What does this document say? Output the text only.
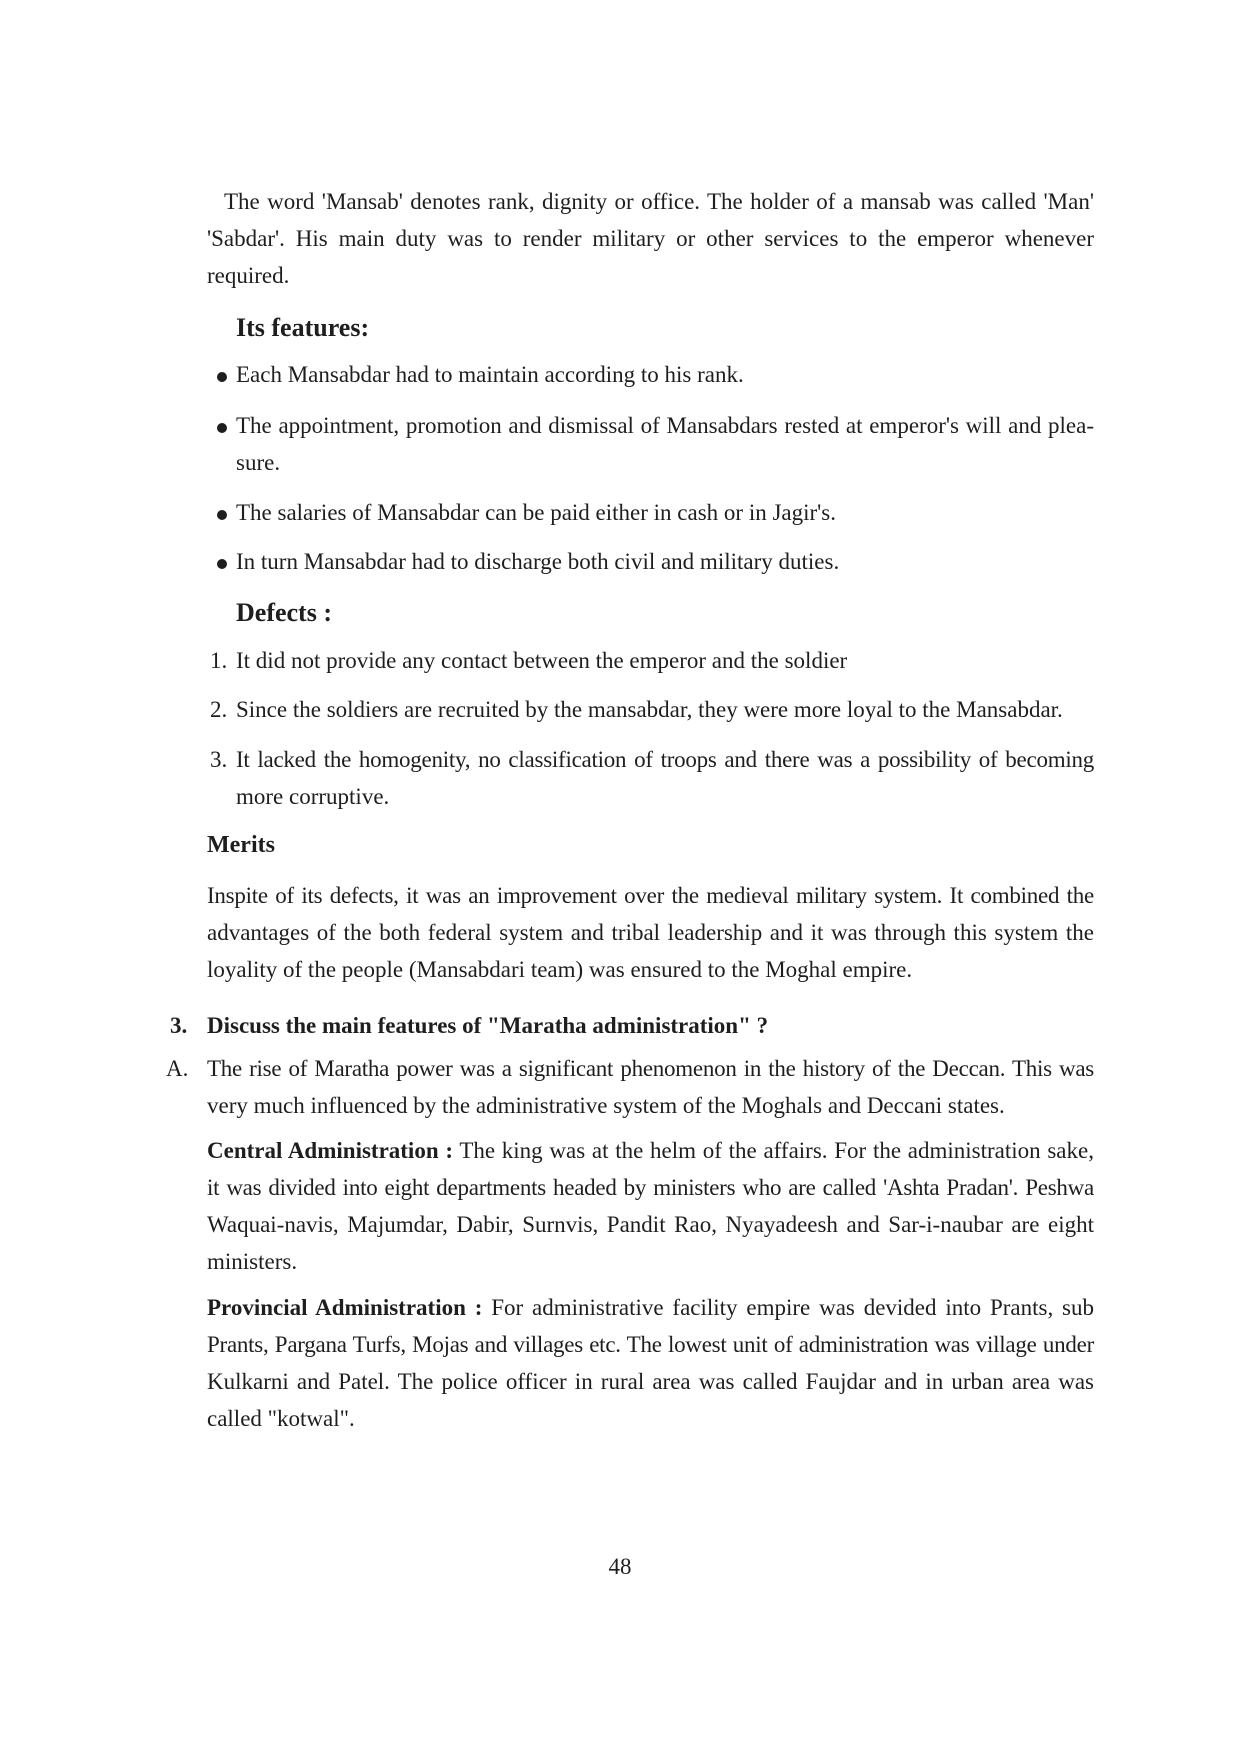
The word 'Mansab' denotes rank, dignity or office. The holder of a mansab was called 'Man'
'Sabdar'. His main duty was to render military or other services to the emperor whenever
required.
Its features:
Each Mansabdar had to maintain according to his rank.
The appointment, promotion and dismissal of Mansabdars rested at emperor's will and plea-
sure.
The salaries of Mansabdar can be paid either in cash or in Jagir's.
In turn Mansabdar had to discharge both civil and military duties.
Defects :
1. It did not provide any contact between the emperor and the soldier
2. Since the soldiers are recruited by the mansabdar, they were more loyal to the Mansabdar.
3. It lacked the homogenity, no classification of troops and there was a possibility of becoming
more corruptive.
Merits
Inspite of its defects, it was an improvement over the medieval military system. It combined the
advantages of the both federal system and tribal leadership and it was through this system the
loyality of the people (Mansabdari team) was ensured to the Moghal empire.
3. Discuss the main features of "Maratha administration" ?
A. The rise of Maratha power was a significant phenomenon in the history of the Deccan. This was
very much influenced by the administrative system of the Moghals and Deccani states.
Central Administration : The king was at the helm of the affairs. For the administration sake,
it was divided into eight departments headed by ministers who are called 'Ashta Pradan'. Peshwa
Waquai-navis, Majumdar, Dabir, Surnvis, Pandit Rao, Nyayadeesh and Sar-i-naubar are eight
ministers.
Provincial Administration : For administrative facility empire was devided into Prants, sub
Prants, Pargana Turfs, Mojas and villages etc. The lowest unit of administration was village under
Kulkarni and Patel. The police officer in rural area was called Faujdar and in urban area was
called "kotwal".
48
